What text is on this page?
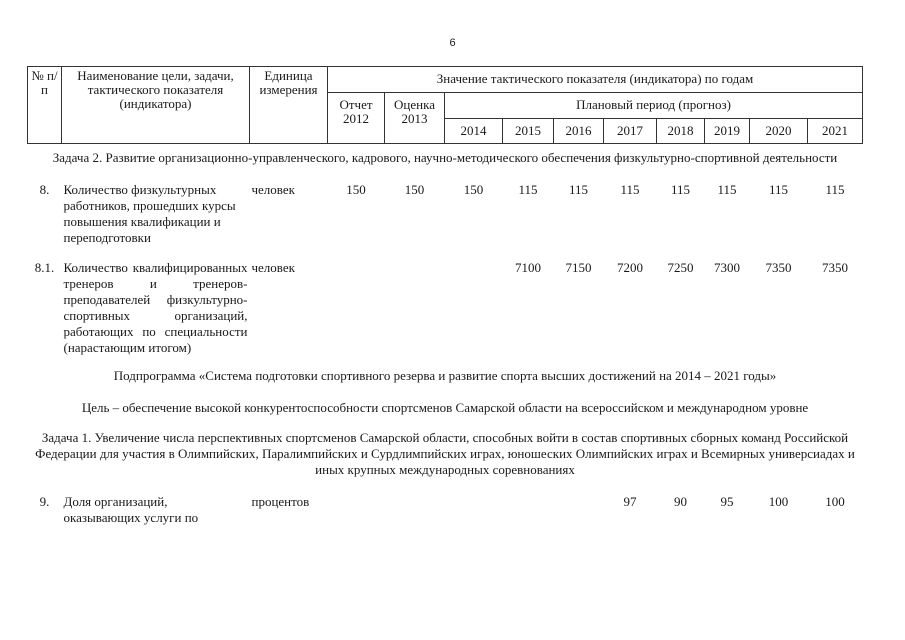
6
№ п/п	Наименование цели, задачи, тактического показателя (индикатора)	Единица измерения	Значение тактического показателя (индикатора) по годам									
			Отчет 2012	Оценка 2013	Плановый период (прогноз)							
					2014	2015	2016	2017	2018	2019	2020	2021
Задача 2. Развитие организационно-управленческого, кадрового, научно-методического обеспечения физкультурно-спортивной деятельности												
8.	Количество физкультурных работников, прошедших курсы повышения квалификации и переподготовки	человек	150	150	150	115	115	115	115	115	115	115
8.1.	Количество квалифицированных тренеров и тренеров-преподавателей физкультурно-спортивных организаций, работающих по специальности (нарастающим итогом)	человек				7100	7150	7200	7250	7300	7350	7350
Подпрограмма «Система подготовки спортивного резерва и развитие спорта высших достижений на 2014 – 2021 годы»												
Цель – обеспечение высокой конкурентоспособности спортсменов Самарской области на всероссийском и международном уровне												
Задача 1. Увеличение числа перспективных спортсменов Самарской области, способных войти в состав спортивных сборных команд Российской Федерации для участия в Олимпийских, Паралимпийских и Сурдлимпийских играх, юношеских Олимпийских играх и Всемирных универсиадах и иных крупных международных соревнованиях												
9.	Доля организаций, оказывающих услуги по	процентов						97	90	95	100	100
